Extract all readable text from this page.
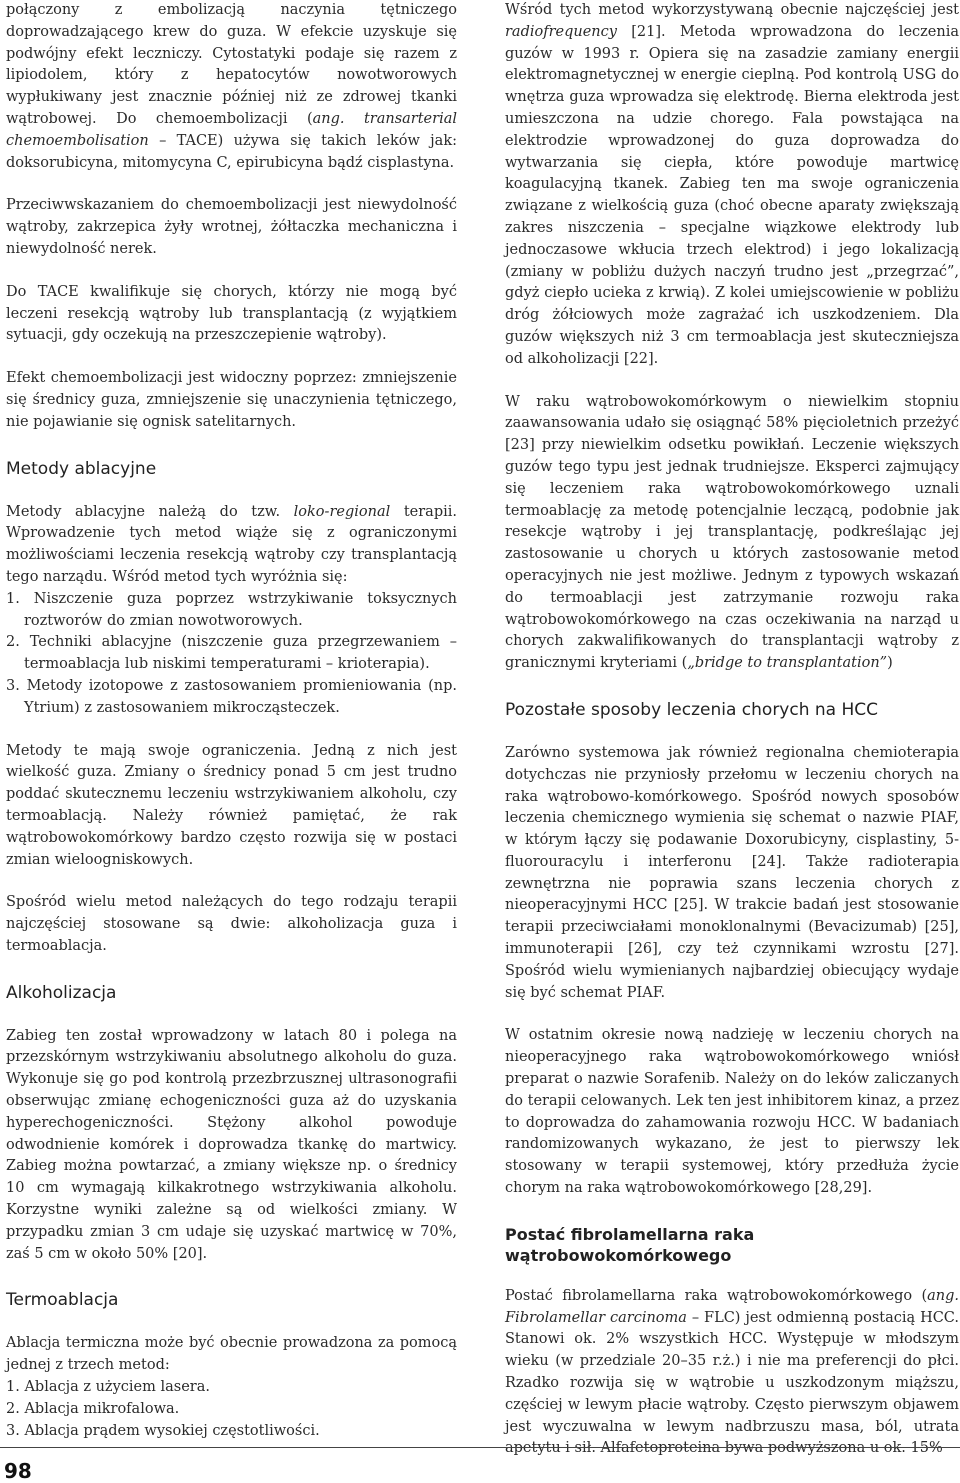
połączony z embolizacją naczynia tętniczego doprowadzającego krew do guza. W efekcie uzyskuje się podwójny efekt leczniczy. Cytostatyki podaje się razem z lipiodolem, który z hepatocytów nowotworowych wypłukiwany jest znacznie później niż ze zdrowej tkanki wątrobowej. Do chemoembolizacji (ang. transarterial chemoembolisation – TACE) używa się takich leków jak: doksorubicyna, mitomycyna C, epirubicyna bądź cisplastyna.

Przeciwwskazaniem do chemoembolizacji jest niewydolność wątroby, zakrzepica żyły wrotnej, żółtaczka mechaniczna i niewydolność nerek.

Do TACE kwalifikuje się chorych, którzy nie mogą być leczeni resekcją wątroby lub transplantacją (z wyjątkiem sytuacji, gdy oczekują na przeszczepienie wątroby).

Efekt chemoembolizacji jest widoczny poprzez: zmniejszenie się średnicy guza, zmniejszenie się unaczynienia tętniczego, nie pojawianie się ognisk satelitarnych.

Metody ablacyjne

Metody ablacyjne należą do tzw. loko-regional terapii. Wprowadzenie tych metod wiąże się z ograniczonymi możliwościami leczenia resekcją wątroby czy transplantacją tego narządu. Wśród metod tych wyróżnia się:

1. Niszczenie guza poprzez wstrzykiwanie toksycznych roztworów do zmian nowotworowych.

2. Techniki ablacyjne (niszczenie guza przegrzewaniem – termoablacja lub niskimi temperaturami – krioterapia).

3. Metody izotopowe z zastosowaniem promieniowania (np. Ytrium) z zastosowaniem mikrocząsteczek.

Metody te mają swoje ograniczenia. Jedną z nich jest wielkość guza. Zmiany o średnicy ponad 5 cm jest trudno poddać skutecznemu leczeniu wstrzykiwaniem alkoholu, czy termoablacją. Należy również pamiętać, że rak wątrobowokomórkowy bardzo często rozwija się w postaci zmian wieloogniskowych.

Spośród wielu metod należących do tego rodzaju terapii najczęściej stosowane są dwie: alkoholizacja guza i termoablacja.

Alkoholizacja

Zabieg ten został wprowadzony w latach 80 i polega na przezskórnym wstrzykiwaniu absolutnego alkoholu do guza. Wykonuje się go pod kontrolą przezbrzusznej ultrasonografii obserwując zmianę echogeniczności guza aż do uzyskania hyperechogeniczności. Stężony alkohol powoduje odwodnienie komórek i doprowadza tkankę do martwicy. Zabieg można powtarzać, a zmiany większe np. o średnicy 10 cm wymagają kilkakrotnego wstrzykiwania alkoholu. Korzystne wyniki zależne są od wielkości zmiany. W przypadku zmian 3 cm udaje się uzyskać martwicę w 70%, zaś 5 cm w około 50% [20].

Termoablacja

Ablacja termiczna może być obecnie prowadzona za pomocą jednej z trzech metod:

1. Ablacja z użyciem lasera.

2. Ablacja mikrofalowa.

3. Ablacja prądem wysokiej częstotliwości.

Wśród tych metod wykorzystywaną obecnie najczęściej jest radiofrequency [21]. Metoda wprowadzona do leczenia guzów w 1993 r. Opiera się na zasadzie zamiany energii elektromagnetycznej w energie cieplną. Pod kontrolą USG do wnętrza guza wprowadza się elektrodę. Bierna elektroda jest umieszczona na udzie chorego. Fala powstająca na elektrodzie wprowadzonej do guza doprowadza do wytwarzania się ciepła, które powoduje martwicę koagulacyjną tkanek. Zabieg ten ma swoje ograniczenia związane z wielkością guza (choć obecne aparaty zwiększają zakres niszczenia – specjalne wiązkowe elektrody lub jednoczasowe wkłucia trzech elektrod) i jego lokalizacją (zmiany w pobliżu dużych naczyń trudno jest „przegrzać”, gdyż ciepło ucieka z krwią). Z kolei umiejscowienie w pobliżu dróg żółciowych może zagrażać ich uszkodzeniem. Dla guzów większych niż 3 cm termoablacja jest skuteczniejsza od alkoholizacji [22].

W raku wątrobowokomórkowym o niewielkim stopniu zaawansowania udało się osiągnąć 58% pięcioletnich przeżyć [23] przy niewielkim odsetku powikłań. Leczenie większych guzów tego typu jest jednak trudniejsze. Eksperci zajmujący się leczeniem raka wątrobowokomórkowego uznali termoablację za metodę potencjalnie leczącą, podobnie jak resekcje wątroby i jej transplantację, podkreślając jej zastosowanie u chorych u których zastosowanie metod operacyjnych nie jest możliwe. Jednym z typowych wskazań do termoablacji jest zatrzymanie rozwoju raka wątrobowokomórkowego na czas oczekiwania na narząd u chorych zakwalifikowanych do transplantacji wątroby z granicznymi kryteriami („bridge to transplantation”)

Pozostałe sposoby leczenia chorych na HCC

Zarówno systemowa jak również regionalna chemioterapia dotychczas nie przyniosły przełomu w leczeniu chorych na raka wątrobowo-komórkowego. Spośród nowych sposobów leczenia chemicznego wymienia się schemat o nazwie PIAF, w którym łączy się podawanie Doxorubicyny, cisplastiny, 5-fluorouracylu i interferonu [24]. Także radioterapia zewnętrzna nie poprawia szans leczenia chorych z nieoperacyjnymi HCC [25]. W trakcie badań jest stosowanie terapii przeciwciałami monoklonalnymi (Bevacizumab) [25], immunoterapii [26], czy też czynnikami wzrostu [27]. Spośród wielu wymienianych najbardziej obiecujący wydaje się być schemat PIAF.

W ostatnim okresie nową nadzieję w leczeniu chorych na nieoperacyjnego raka wątrobowokomórkowego wniósł preparat o nazwie Sorafenib. Należy on do leków zaliczanych do terapii celowanych. Lek ten jest inhibitorem kinaz, a przez to doprowadza do zahamowania rozwoju HCC. W badaniach randomizowanych wykazano, że jest to pierwszy lek stosowany w terapii systemowej, który przedłuża życie chorym na raka wątrobowokomórkowego [28,29].

Postać fibrolamellarna raka wątrobowokomórkowego

Postać fibrolamellarna raka wątrobowokomórkowego (ang. Fibrolamellar carcinoma – FLC) jest odmienną postacią HCC. Stanowi ok. 2% wszystkich HCC. Występuje w młodszym wieku (w przedziale 20–35 r.ż.) i nie ma preferencji do płci. Rzadko rozwija się w wątrobie u uszkodzonym miąższu, częściej w lewym płacie wątroby. Często pierwszym objawem jest wyczuwalna w lewym nadbrzuszu masa, ból, utrata apetytu i sił. Alfafetoproteina bywa podwyższona u ok. 15%

98
